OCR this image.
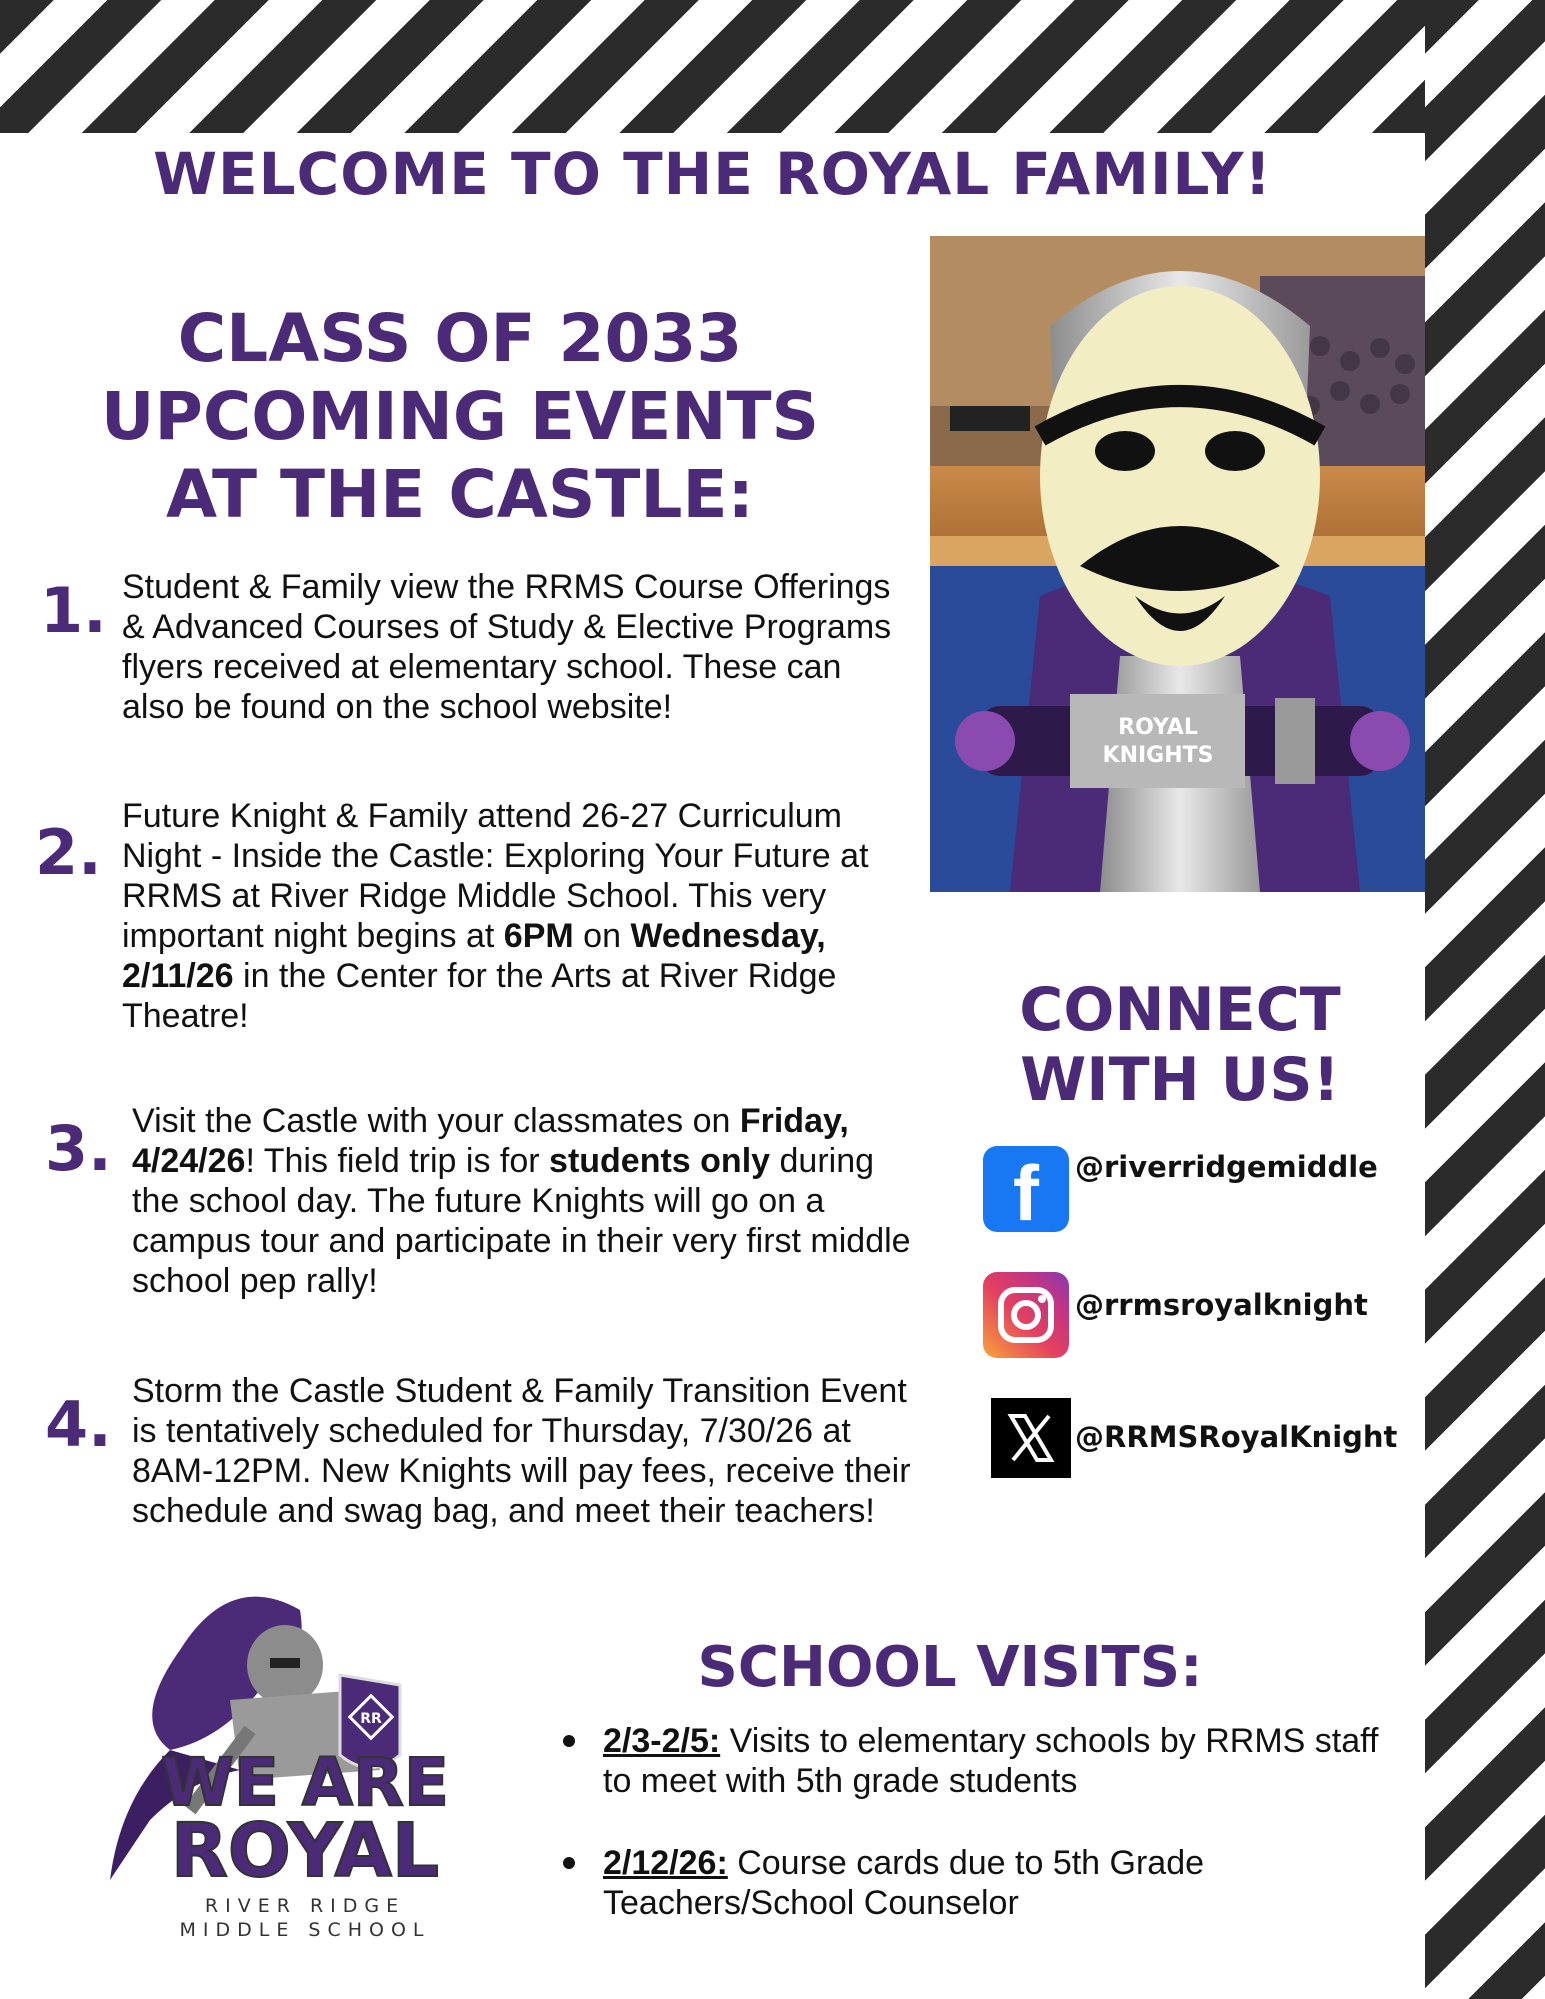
WELCOME TO THE ROYAL FAMILY!
CLASS OF 2033
UPCOMING EVENTS
AT THE CASTLE:
1. Student & Family view the RRMS Course Offerings & Advanced Courses of Study & Elective Programs flyers received at elementary school. These can also be found on the school website!
2. Future Knight & Family attend 26-27 Curriculum Night - Inside the Castle: Exploring Your Future at RRMS at River Ridge Middle School. This very important night begins at 6PM on Wednesday, 2/11/26 in the Center for the Arts at River Ridge Theatre!
3. Visit the Castle with your classmates on Friday, 4/24/26! This field trip is for students only during the school day. The future Knights will go on a campus tour and participate in their very first middle school pep rally!
4. Storm the Castle Student & Family Transition Event is tentatively scheduled for Thursday, 7/30/26 at 8AM-12PM. New Knights will pay fees, receive their schedule and swag bag, and meet their teachers!
ROYAL
KNIGHTS
CONNECT
WITH US!
f @riverridgemiddle
@rrmsroyalknight
@RRMSRoyalKnight
RR
WE ARE
ROYAL
RIVER RIDGE
MIDDLE SCHOOL
SCHOOL VISITS:
2/3-2/5: Visits to elementary schools by RRMS staff to meet with 5th grade students
2/12/26: Course cards due to 5th Grade Teachers/School Counselor
